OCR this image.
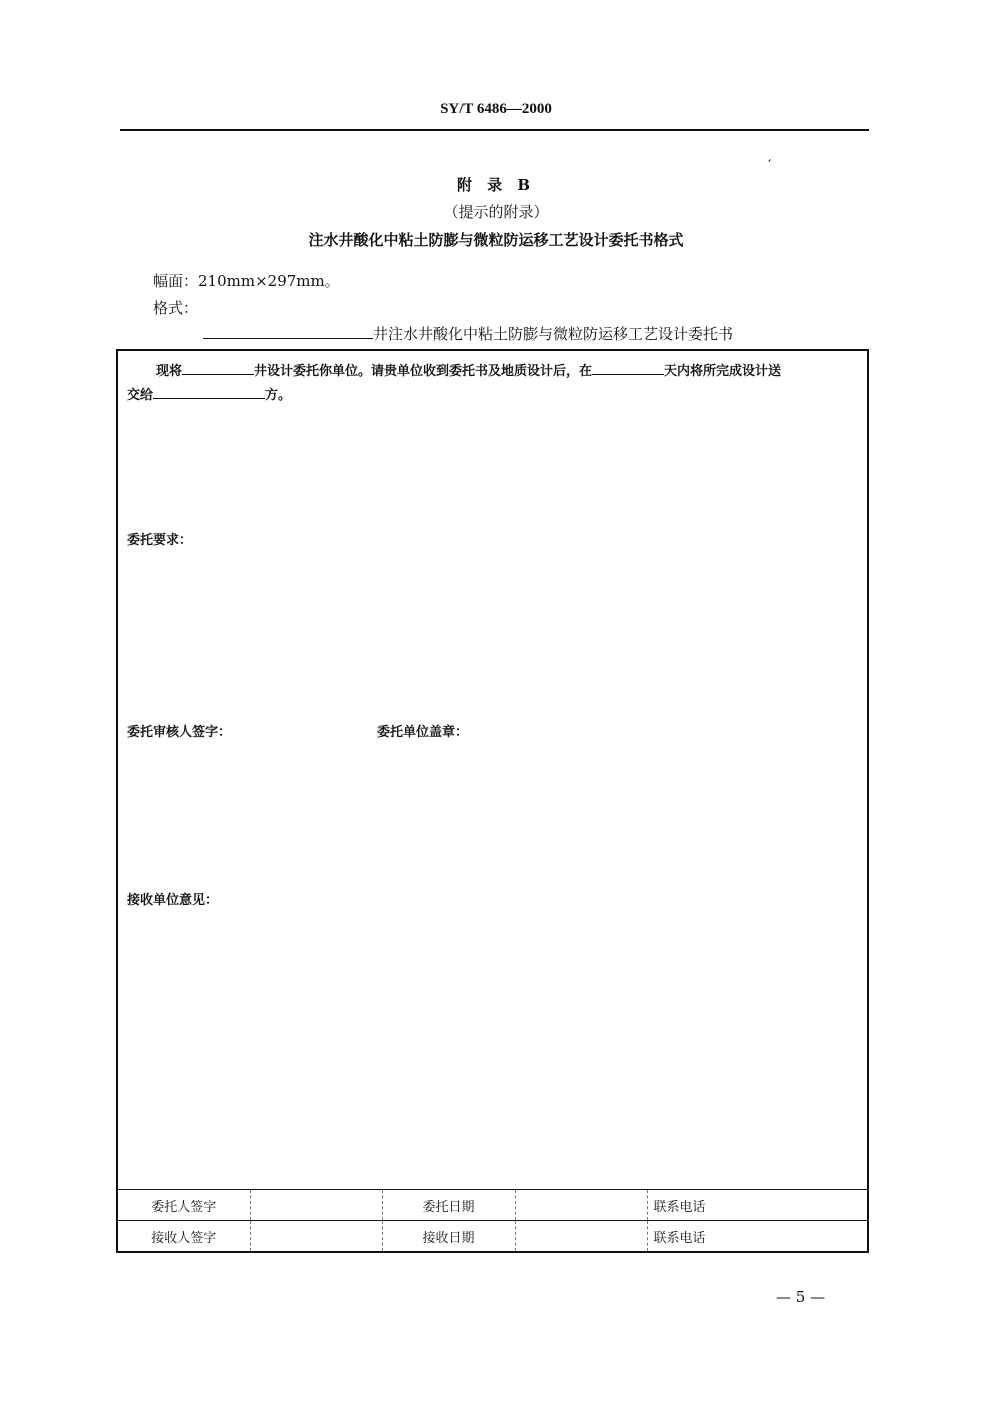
SY/T 6486—2000
′
附 录 B
（提示的附录）
注水井酸化中粘土防膨与微粒防运移工艺设计委托书格式
幅面：210mm×297mm。
格式：
井注水井酸化中粘土防膨与微粒防运移工艺设计委托书
现将	井设计委托你单位。请贵单位收到委托书及地质设计后，在	天内将所完成设计送
交给	方。
委托要求：
委托审核人签字：	委托单位盖章：
接收单位意见：
委托人签字		委托日期		联系电话	
接收人签字		接收日期		联系电话	
— 5 —
